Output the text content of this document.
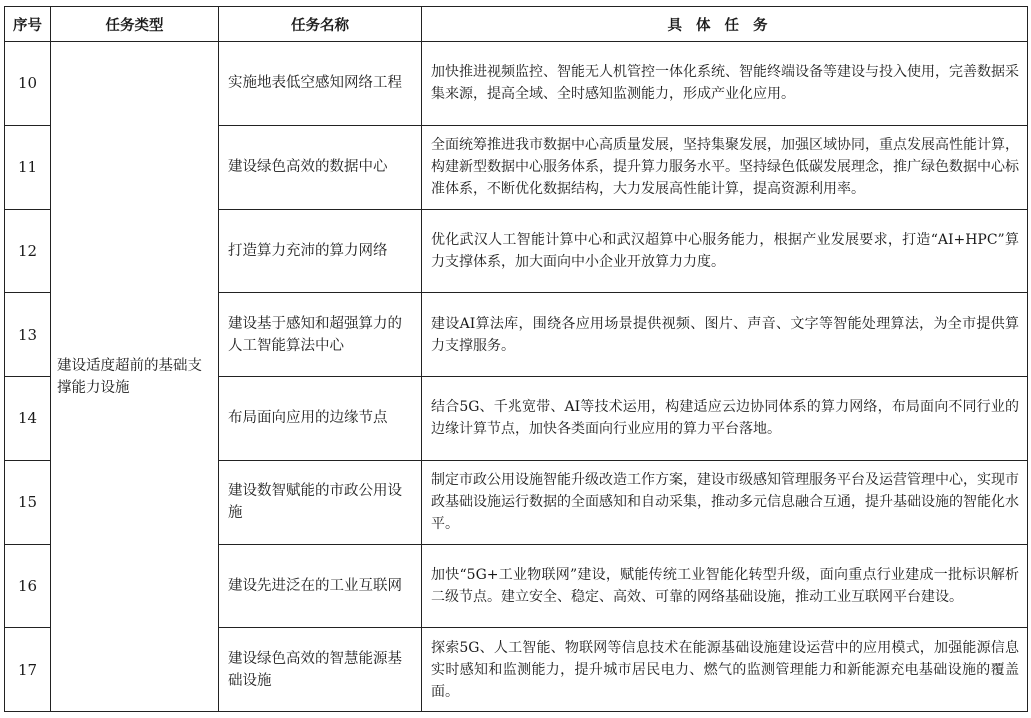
序号	任务类型	任务名称	具体任务
10	建设适度超前的基础支撑能力设施	实施地表低空感知网络工程	加快推进视频监控、智能无人机管控一体化系统、智能终端设备等建设与投入使用，完善数据采集来源，提高全域、全时感知监测能力，形成产业化应用。
11		建设绿色高效的数据中心	全面统筹推进我市数据中心高质量发展，坚持集聚发展，加强区域协同，重点发展高性能计算，构建新型数据中心服务体系，提升算力服务水平。坚持绿色低碳发展理念，推广绿色数据中心标准体系，不断优化数据结构，大力发展高性能计算，提高资源利用率。
12		打造算力充沛的算力网络	优化武汉人工智能计算中心和武汉超算中心服务能力，根据产业发展要求，打造“AI+HPC”算力支撑体系，加大面向中小企业开放算力力度。
13		建设基于感知和超强算力的人工智能算法中心	建设AI算法库，围绕各应用场景提供视频、图片、声音、文字等智能处理算法，为全市提供算力支撑服务。
14		布局面向应用的边缘节点	结合5G、千兆宽带、AI等技术运用，构建适应云边协同体系的算力网络，布局面向不同行业的边缘计算节点，加快各类面向行业应用的算力平台落地。
15		建设数智赋能的市政公用设施	制定市政公用设施智能升级改造工作方案，建设市级感知管理服务平台及运营管理中心，实现市政基础设施运行数据的全面感知和自动采集，推动多元信息融合互通，提升基础设施的智能化水平。
16		建设先进泛在的工业互联网	加快“5G+工业物联网”建设，赋能传统工业智能化转型升级，面向重点行业建成一批标识解析二级节点。建立安全、稳定、高效、可靠的网络基础设施，推动工业互联网平台建设。
17		建设绿色高效的智慧能源基础设施	探索5G、人工智能、物联网等信息技术在能源基础设施建设运营中的应用模式，加强能源信息实时感知和监测能力，提升城市居民电力、燃气的监测管理能力和新能源充电基础设施的覆盖面。
